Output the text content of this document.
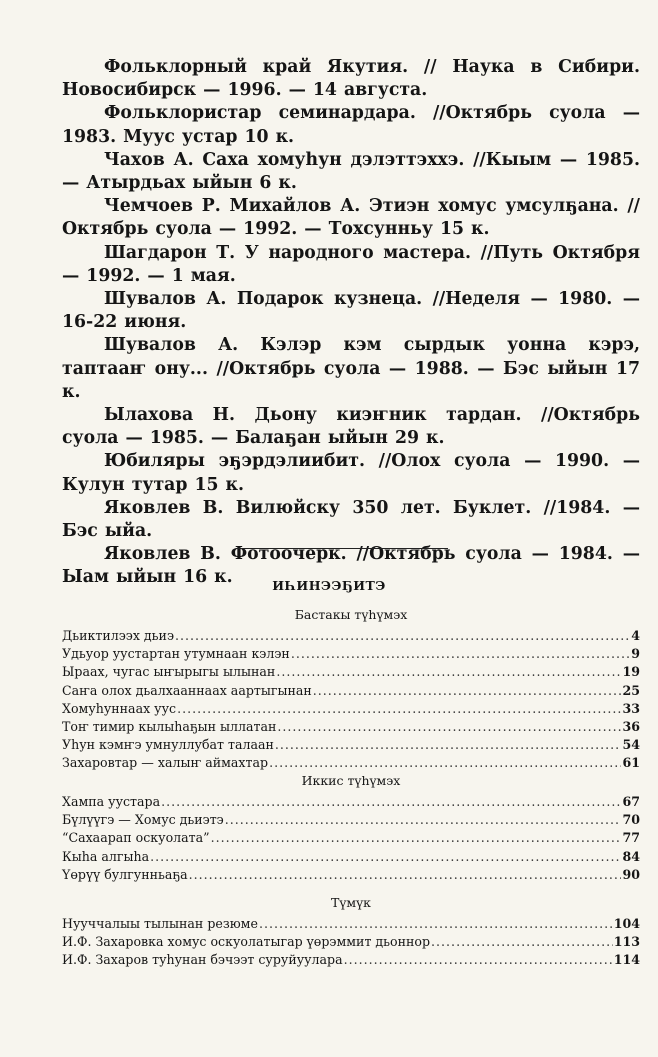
Фольклорный край Якутия. // Наука в Сибири. Новосибирск — 1996. — 14 августа.

Фольклористар семинардара. //Октябрь суола — 1983. Муус устар 10 к.

Чахов А. Саха хомуһун дэлэттэххэ. //Кыым — 1985. — Атырдьах ыйын 6 к.

Чемчоев Р. Михайлов А. Этиэн хомус умсулҕана. // Октябрь суола — 1992. — Тохсунньу 15 к.

Шагдарон Т. У народного мастера. //Путь Октября — 1992. — 1 мая.

Шувалов А. Подарок кузнеца. //Неделя — 1980. — 16-22 июня.

Шувалов А. Кэлэр кэм сырдык уонна кэрэ, таптааҥ ону... //Октябрь суола — 1988. — Бэс ыйын 17 к.

Ылахова Н. Дьону киэҥник тардан. //Октябрь суола — 1985. — Балаҕан ыйын 29 к.

Юбиляры эҕэрдэлиибит. //Олох суола — 1990. — Кулун тутар 15 к.

Яковлев В. Вилюйску 350 лет. Буклет. //1984. — Бэс ыйа.

Яковлев В. Фотоочерк. //Октябрь суола — 1984. — Ыам ыйын 16 к.	ИҺИНЭЭҔИТЭ
Бастакы түһүмэх
Дьиктилээх дьиэ .....	4
Удьуор уустартан утумнаан кэлэн .....	9
Ыраах, чугас ыҥырыгы ылынан .....	19
Саҥа олох дьалхааннаах аартыгынан .....	25
Хомуһуннаах уус .....	33
Тоҥ тимир кылыһаҕын ыллатан .....	36
Уһун кэмҥэ умнуллубат талаан .....	54
Захаровтар — халыҥ аймахтар .....	61
Иккис түһүмэх
Хампа уустара .....	67
Бүлүүгэ — Хомус дьиэтэ .....	70
“Сахаарап оскуолата” .....	77
Кыһа алгыһа .....	84
Үөрүү булгунньаҕа .....	90
Түмүк
Нууччалыы тылынан резюме .....	104
И.Ф. Захаровка хомус оскуолатыгар үөрэммит дьоннор .....	113
И.Ф. Захаров туһунан бэчээт суруйуулара .....	114
